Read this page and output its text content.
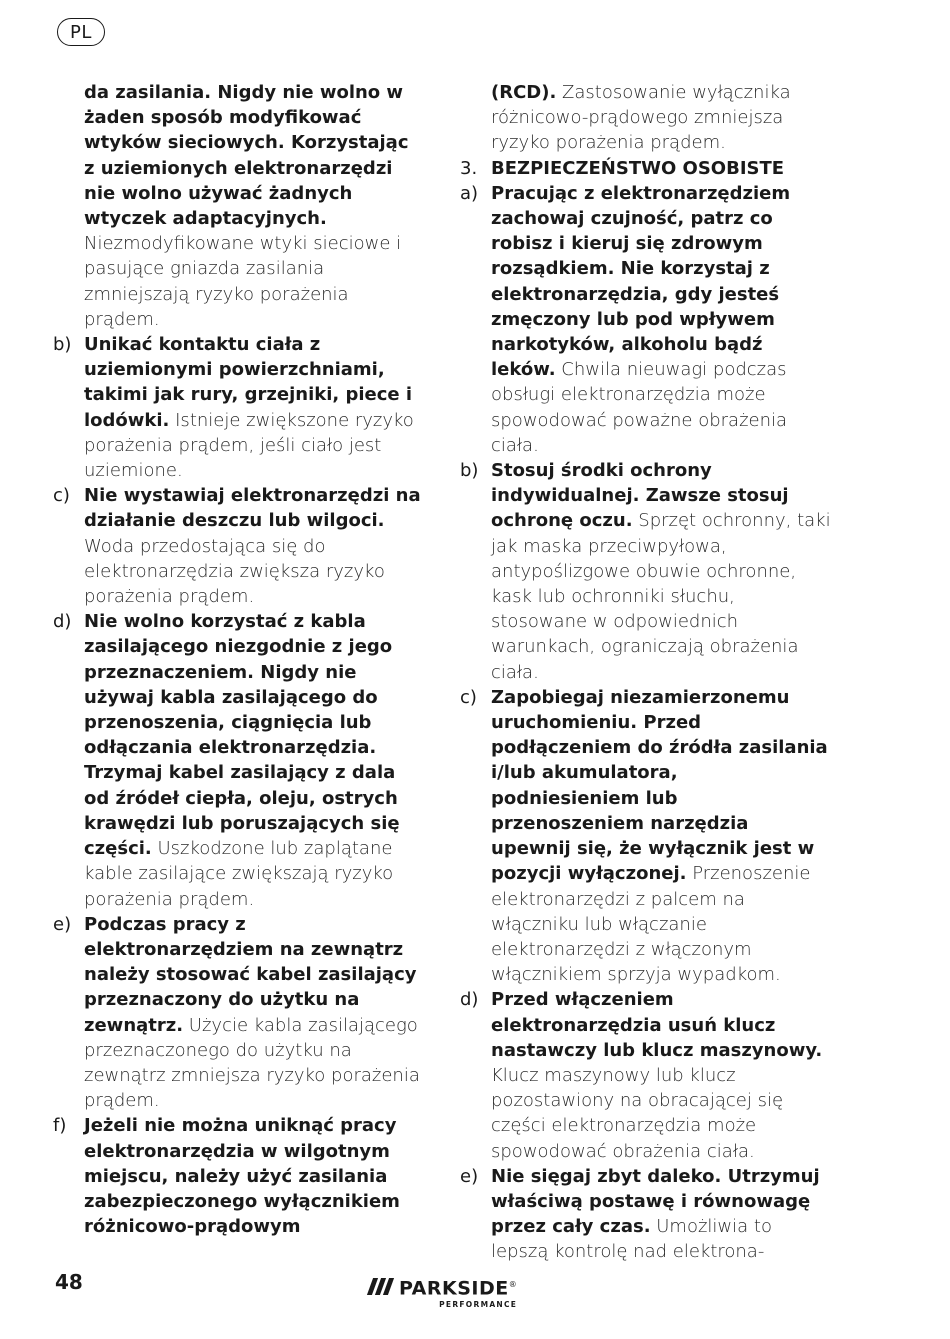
PL

da zasilania. Nigdy nie wolno w żaden sposób modyfikować wtyków sieciowych. Korzystając z uziemionych elektronarzędzi nie wolno używać żadnych wtyczek adaptacyjnych. Niezmodyfikowane wtyki sieciowe i pasujące gniazda zasilania zmniejszają ryzyko porażenia prądem.

b) Unikać kontaktu ciała z uziemionymi powierzchniami, takimi jak rury, grzejniki, piece i lodówki. Istnieje zwiększone ryzyko porażenia prądem, jeśli ciało jest uziemione.

c) Nie wystawiaj elektronarzędzi na działanie deszczu lub wilgoci. Woda przedostająca się do elektronarzędzia zwiększa ryzyko porażenia prądem.

d) Nie wolno korzystać z kabla zasilającego niezgodnie z jego przeznaczeniem. Nigdy nie używaj kabla zasilającego do przenoszenia, ciągnięcia lub odłączania elektronarzędzia. Trzymaj kabel zasilający z dala od źródeł ciepła, oleju, ostrych krawędzi lub poruszających się części. Uszkodzone lub zaplątane kable zasilające zwiększają ryzyko porażenia prądem.

e) Podczas pracy z elektronarzędziem na zewnątrz należy stosować kabel zasilający przeznaczony do użytku na zewnątrz. Użycie kabla zasilającego przeznaczonego do użytku na zewnątrz zmniejsza ryzyko porażenia prądem.

f) Jeżeli nie można uniknąć pracy elektronarzędzia w wilgotnym miejscu, należy użyć zasilania zabezpieczonego wyłącznikiem różnicowo-prądowym

(RCD). Zastosowanie wyłącznika różnicowo-prądowego zmniejsza ryzyko porażenia prądem.

3. BEZPIECZEŃSTWO OSOBISTE

a) Pracując z elektronarzędziem zachowaj czujność, patrz co robisz i kieruj się zdrowym rozsądkiem. Nie korzystaj z elektronarzędzia, gdy jesteś zmęczony lub pod wpływem narkotyków, alkoholu bądź leków. Chwila nieuwagi podczas obsługi elektronarzędzia może spowodować poważne obrażenia ciała.

b) Stosuj środki ochrony indywidualnej. Zawsze stosuj ochronę oczu. Sprzęt ochronny, taki jak maska przeciwpyłowa, antypoślizgowe obuwie ochronne, kask lub ochronniki słuchu, stosowane w odpowiednich warunkach, ograniczają obrażenia ciała.

c) Zapobiegaj niezamierzonemu uruchomieniu. Przed podłączeniem do źródła zasilania i/lub akumulatora, podniesieniem lub przenoszeniem narzędzia upewnij się, że wyłącznik jest w pozycji wyłączonej. Przenoszenie elektronarzędzi z palcem na włączniku lub włączanie elektronarzędzi z włączonym włącznikiem sprzyja wypadkom.

d) Przed włączeniem elektronarzędzia usuń klucz nastawczy lub klucz maszynowy. Klucz maszynowy lub klucz pozostawiony na obracającej się części elektronarzędzia może spowodować obrażenia ciała.

e) Nie sięgaj zbyt daleko. Utrzymuj właściwą postawę i równowagę przez cały czas. Umożliwia to lepszą kontrolę nad elektrona-

48	PARKSIDE®
PERFORMANCE
